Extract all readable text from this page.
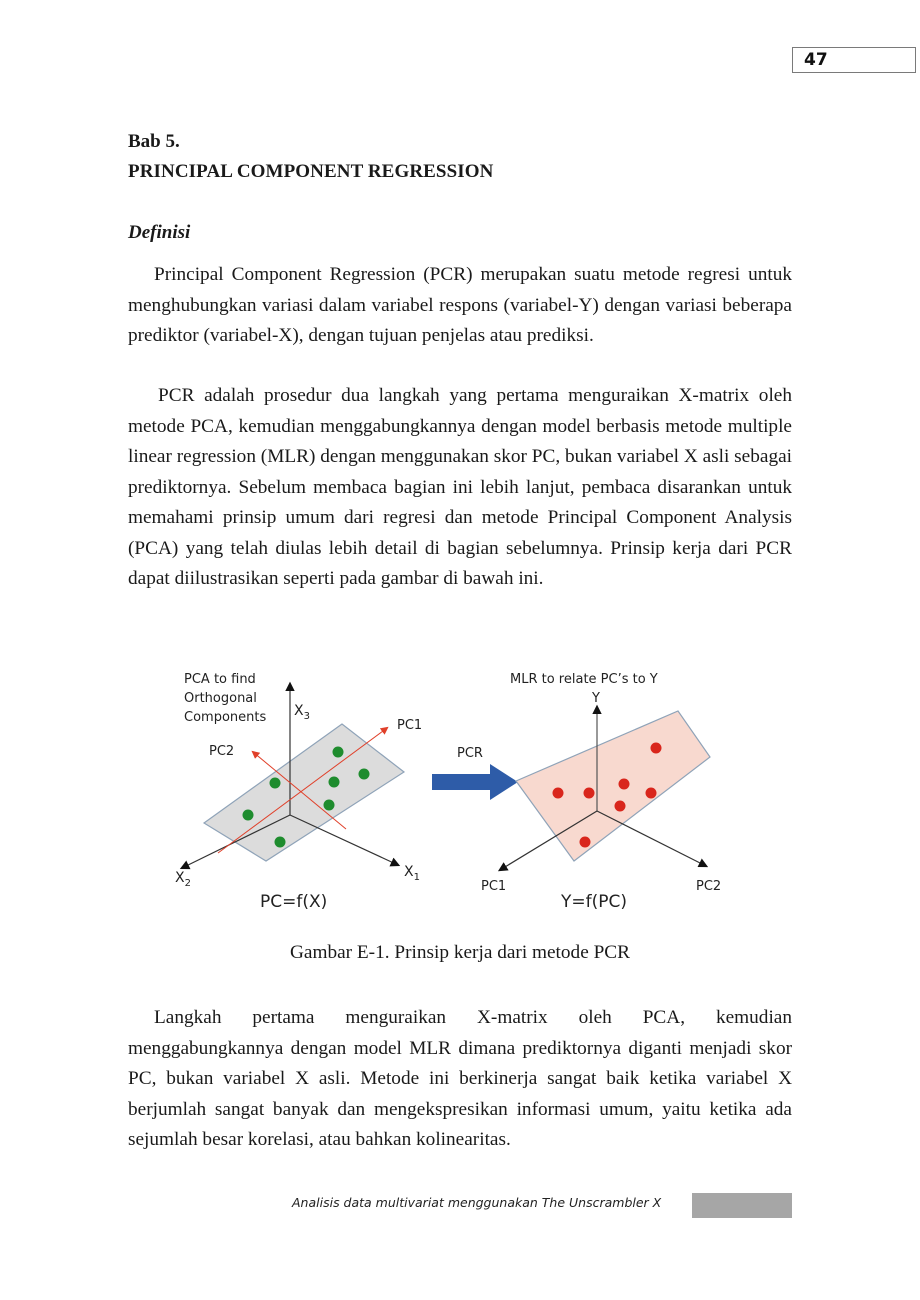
47
Bab 5.
PRINCIPAL COMPONENT REGRESSION
Definisi

Principal Component Regression (PCR) merupakan suatu metode regresi untuk menghubungkan variasi dalam variabel respons (variabel-Y) dengan variasi beberapa prediktor (variabel-X), dengan tujuan penjelas atau prediksi.

PCR adalah prosedur dua langkah yang pertama menguraikan X-matrix oleh metode PCA, kemudian menggabungkannya dengan model berbasis metode multiple linear regression (MLR) dengan menggunakan skor PC, bukan variabel X asli sebagai prediktornya. Sebelum membaca bagian ini lebih lanjut, pembaca disarankan untuk memahami prinsip umum dari regresi dan metode Principal Component Analysis (PCA) yang telah diulas lebih detail di bagian sebelumnya. Prinsip kerja dari PCR dapat diilustrasikan seperti pada gambar di bawah ini.

PCA to find
Orthogonal
Components $X_3$
PC1
PC2
$X_2$
$X_1$
PC=f(X)
PCR
MLR to relate PC’s to Y
Y
PC1	PC2
Y=f(PC)
Gambar E-1. Prinsip kerja dari metode PCR

Langkah pertama menguraikan X-matrix oleh PCA, kemudian menggabungkannya dengan model MLR dimana prediktornya diganti menjadi skor PC, bukan variabel X asli. Metode ini berkinerja sangat baik ketika variabel X berjumlah sangat banyak dan mengekspresikan informasi umum, yaitu ketika ada sejumlah besar korelasi, atau bahkan kolinearitas.

Analisis data multivariat menggunakan The Unscrambler X
